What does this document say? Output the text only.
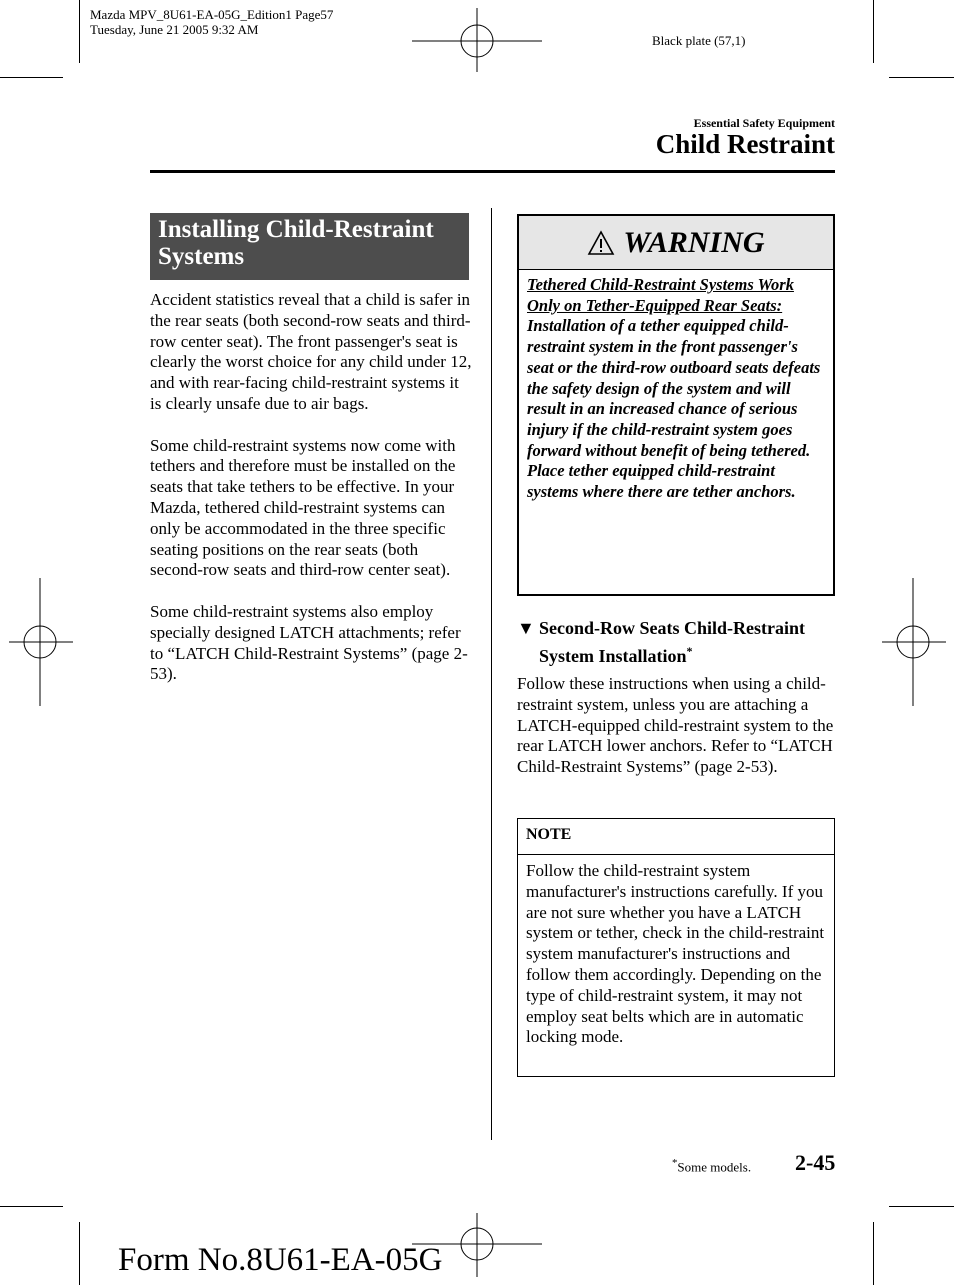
Mazda MPV_8U61-EA-05G_Edition1 Page57
Tuesday, June 21 2005 9:32 AM
Black plate (57,1)
Essential Safety Equipment
Child Restraint
Installing Child-Restraint
Systems

Accident statistics reveal that a child is safer in the rear seats (both second-row seats and third-row center seat). The front passenger's seat is clearly the worst choice for any child under 12, and with rear-facing child-restraint systems it is clearly unsafe due to air bags.

Some child-restraint systems now come with tethers and therefore must be installed on the seats that take tethers to be effective. In your Mazda, tethered child-restraint systems can only be accommodated in the three specific seating positions on the rear seats (both second-row seats and third-row center seat).

Some child-restraint systems also employ specially designed LATCH attachments; refer to “LATCH Child-Restraint Systems” (page 2-53).

WARNING
Tethered Child-Restraint Systems Work Only on Tether-Equipped Rear Seats:
Installation of a tether equipped child-restraint system in the front passenger's seat or the third-row outboard seats defeats the safety design of the system and will result in an increased chance of serious injury if the child-restraint system goes forward without benefit of being tethered.
Place tether equipped child-restraint systems where there are tether anchors.
▼ Second-Row Seats Child-Restraint System Installation*
Follow these instructions when using a child-restraint system, unless you are attaching a LATCH-equipped child-restraint system to the rear LATCH lower anchors. Refer to “LATCH Child-Restraint Systems” (page 2-53).
NOTE
Follow the child-restraint system manufacturer's instructions carefully. If you are not sure whether you have a LATCH system or tether, check in the child-restraint system manufacturer's instructions and follow them accordingly. Depending on the type of child-restraint system, it may not employ seat belts which are in automatic locking mode.
*Some models. 2-45
Form No.8U61-EA-05G
